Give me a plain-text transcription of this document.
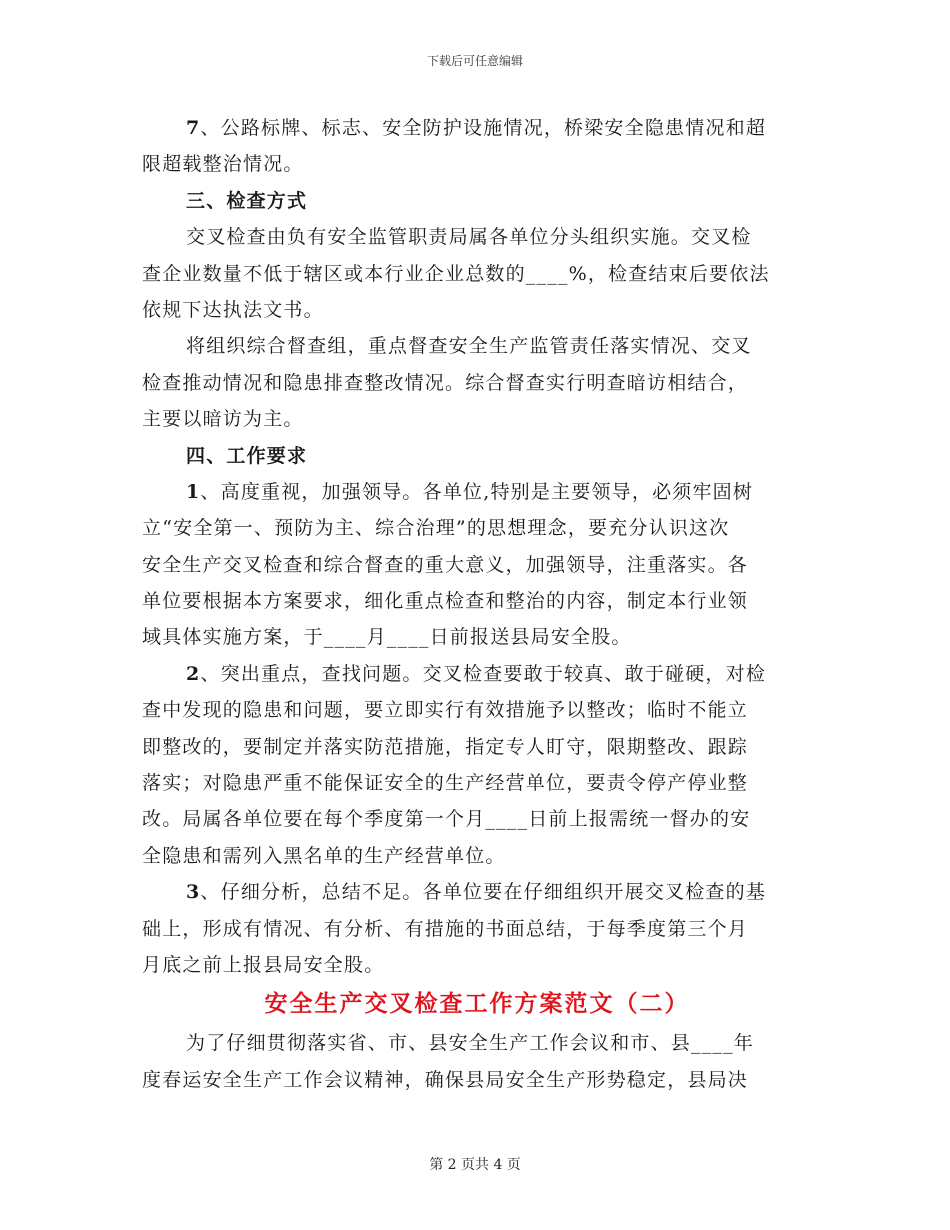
下载后可任意编辑
7、公路标牌、标志、安全防护设施情况，桥梁安全隐患情况和超
限超载整治情况。
三、检查方式
交叉检查由负有安全监管职责局属各单位分头组织实施。交叉检
查企业数量不低于辖区或本行业企业总数的____%，检查结束后要依法
依规下达执法文书。
将组织综合督查组，重点督查安全生产监管责任落实情况、交叉
检查推动情况和隐患排查整改情况。综合督查实行明查暗访相结合，
主要以暗访为主。
四、工作要求
1、高度重视，加强领导。各单位,特别是主要领导，必须牢固树
立“安全第一、预防为主、综合治理”的思想理念，要充分认识这次
安全生产交叉检查和综合督查的重大意义，加强领导，注重落实。各
单位要根据本方案要求，细化重点检查和整治的内容，制定本行业领
域具体实施方案，于____月____日前报送县局安全股。
2、突出重点，查找问题。交叉检查要敢于较真、敢于碰硬，对检
查中发现的隐患和问题，要立即实行有效措施予以整改；临时不能立
即整改的，要制定并落实防范措施，指定专人盯守，限期整改、跟踪
落实；对隐患严重不能保证安全的生产经营单位，要责令停产停业整
改。局属各单位要在每个季度第一个月____日前上报需统一督办的安
全隐患和需列入黑名单的生产经营单位。
3、仔细分析，总结不足。各单位要在仔细组织开展交叉检查的基
础上，形成有情况、有分析、有措施的书面总结，于每季度第三个月
月底之前上报县局安全股。
安全生产交叉检查工作方案范文（二）
为了仔细贯彻落实省、市、县安全生产工作会议和市、县____年
度春运安全生产工作会议精神，确保县局安全生产形势稳定，县局决
第 2 页共 4 页
